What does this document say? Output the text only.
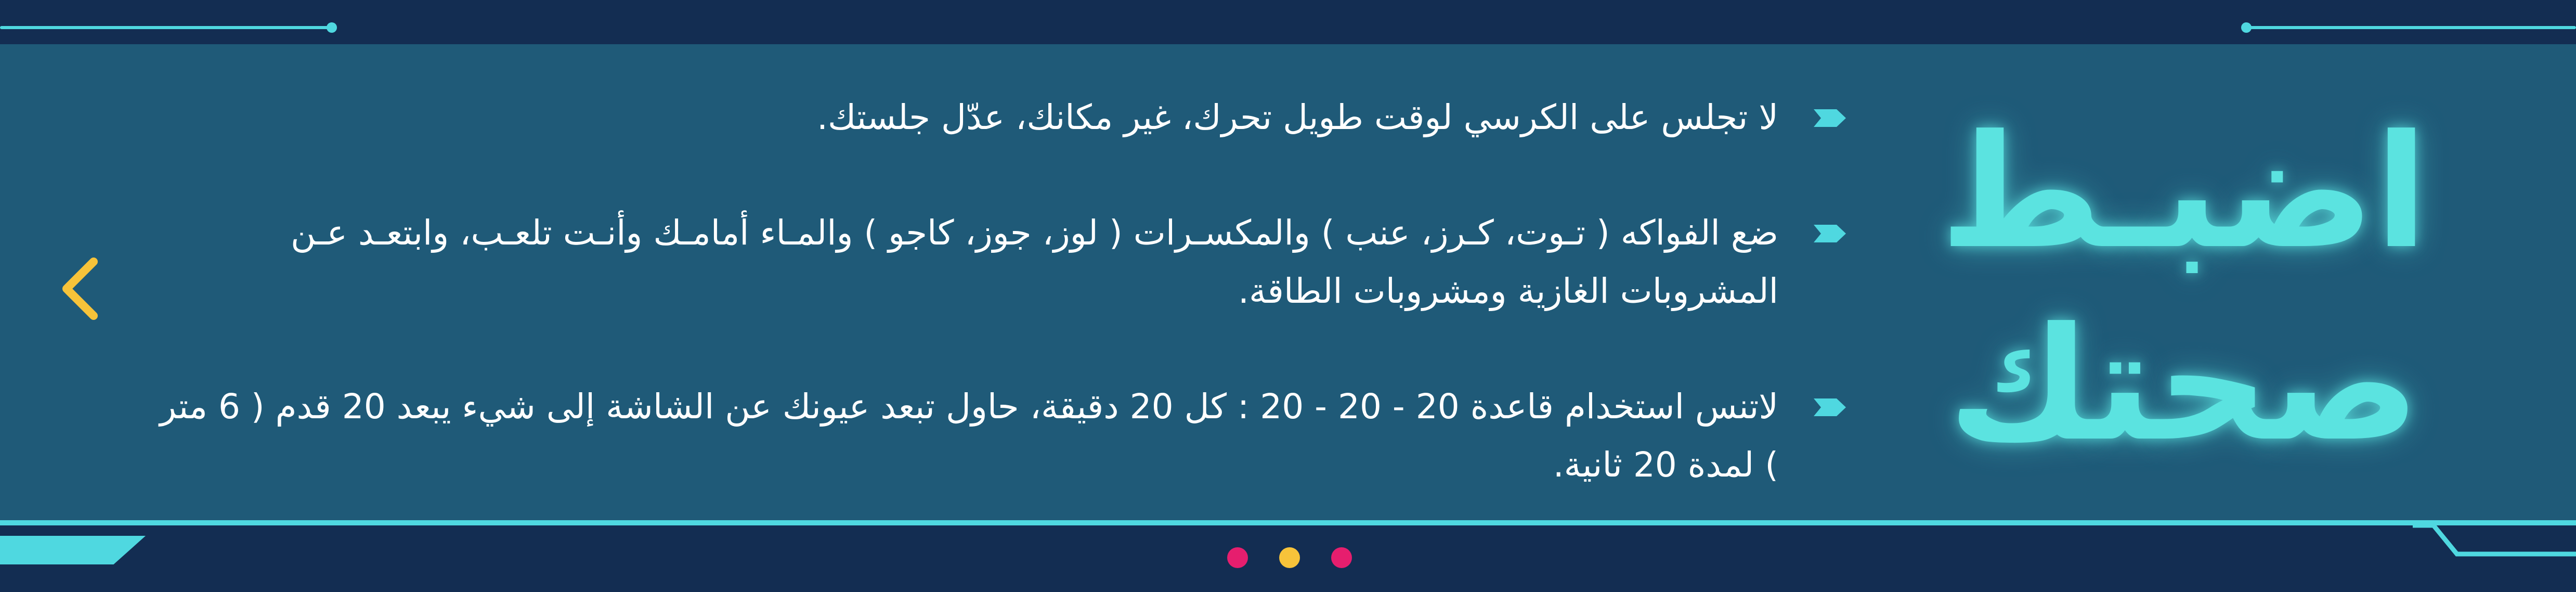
اضبـط
صحتك
لا تجلس على الكرسي لوقت طويل تحرك، غير مكانك، عدّل جلستك.
ضع الفواكه ( تـوت، كـرز، عنب ) والمكسـرات ( لوز، جوز، كاجو ) والمـاء أمامـك وأنـت تلعـب، وابتعـد عـن المشروبات الغازية ومشروبات الطاقة.
لاتنس استخدام قاعدة 20 - 20 - 20 : كل 20 دقيقة، حاول تبعد عيونك عن الشاشة إلى شيء يبعد 20 قدم ( 6 متر ) لمدة 20 ثانية.
